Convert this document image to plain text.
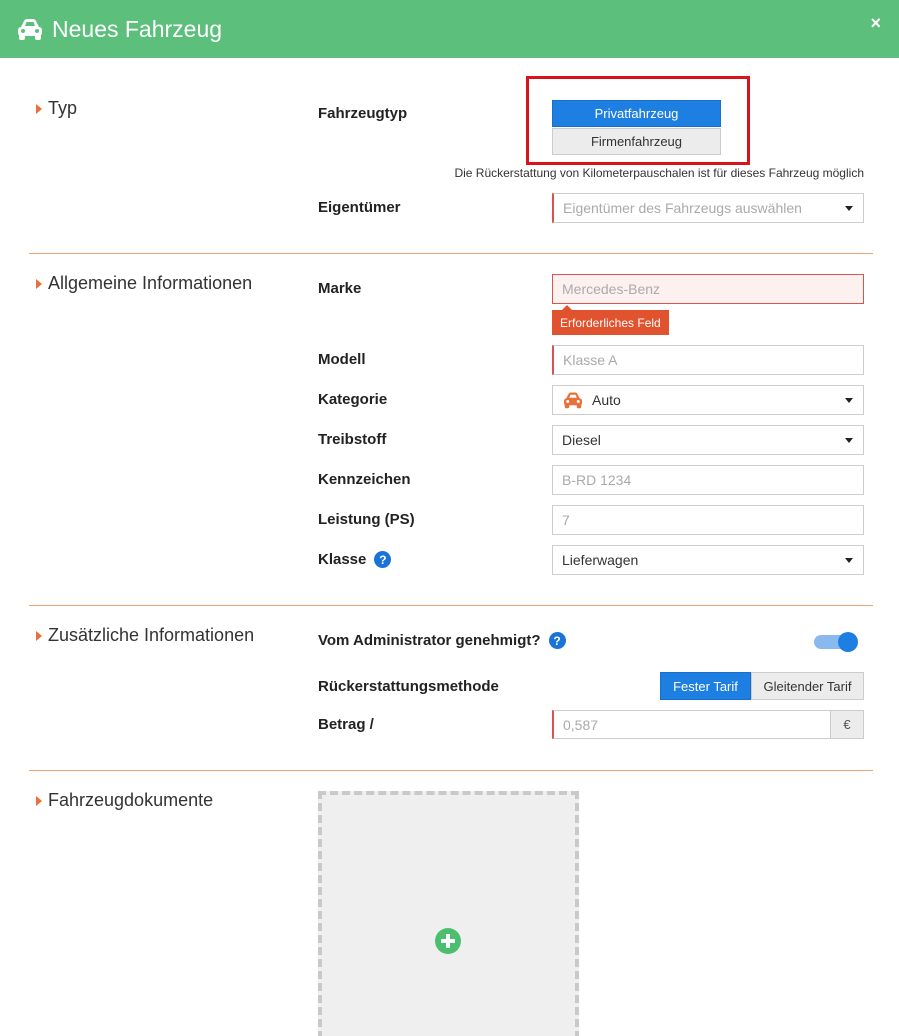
Neues Fahrzeug	×
Typ	Fahrzeugtyp	Privatfahrzeug
Firmenfahrzeug
Die Rückerstattung von Kilometerpauschalen ist für dieses Fahrzeug möglich
Eigentümer	Eigentümer des Fahrzeugs auswählen
Allgemeine Informationen	Marke	Mercedes-Benz
Erforderliches Feld
Modell	Klasse A
Kategorie	Auto
Treibstoff	Diesel
Kennzeichen	B-RD 1234
Leistung (PS)	7
Klasse	?	Lieferwagen
Zusätzliche Informationen	Vom Administrator genehmigt?	?
Rückerstattungsmethode	Fester Tarif	Gleitender Tarif
Betrag /	0,587	€
Fahrzeugdokumente
